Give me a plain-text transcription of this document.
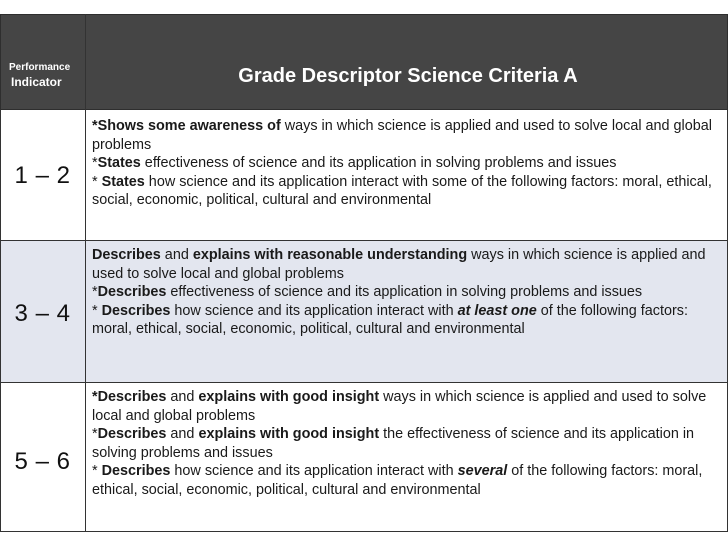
Performance
Indicator	Grade Descriptor Science Criteria A
1 – 2
*Shows some awareness of ways in which science is applied and used to solve local and global problems
*States effectiveness of science and its application in solving problems and issues
* States how science and its application interact with some of the following factors: moral, ethical, social, economic, political, cultural and environmental
3 – 4
Describes and explains with reasonable understanding ways in which science is applied and used to solve local and global problems
*Describes effectiveness of science and its application in solving problems and issues
* Describes how science and its application interact with at least one of the following factors: moral, ethical, social, economic, political, cultural and environmental
5 – 6
*Describes and explains with good insight ways in which science is applied and used to solve local and global problems
*Describes and explains with good insight the effectiveness of science and its application in solving problems and issues
* Describes how science and its application interact with several of the following factors: moral, ethical, social, economic, political, cultural and environmental
